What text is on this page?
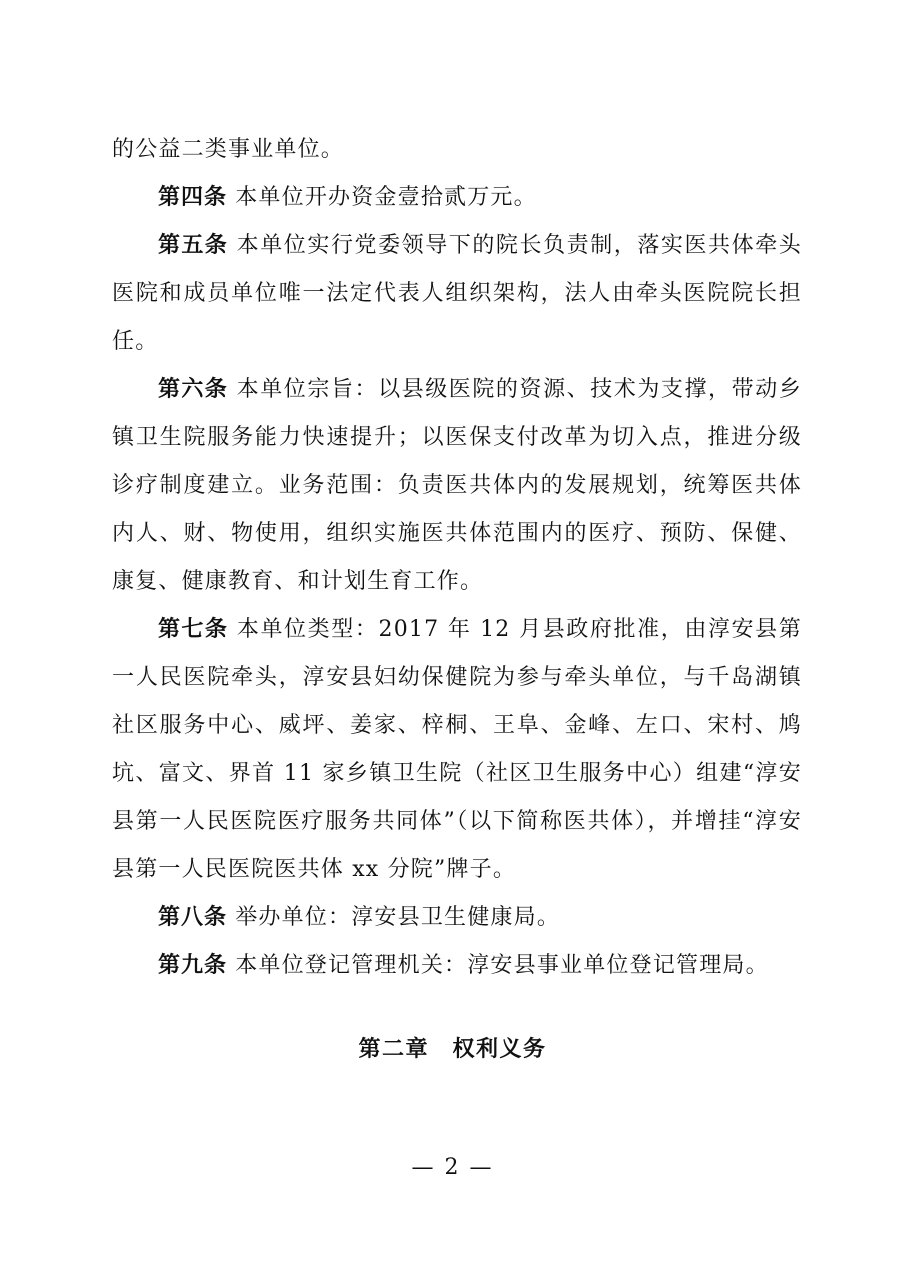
的公益二类事业单位。

第四条 本单位开办资金壹拾贰万元。

第五条 本单位实行党委领导下的院长负责制，落实医共体牵头医院和成员单位唯一法定代表人组织架构，法人由牵头医院院长担任。

第六条 本单位宗旨：以县级医院的资源、技术为支撑，带动乡镇卫生院服务能力快速提升；以医保支付改革为切入点，推进分级诊疗制度建立。业务范围：负责医共体内的发展规划，统筹医共体内人、财、物使用，组织实施医共体范围内的医疗、预防、保健、康复、健康教育、和计划生育工作。

第七条 本单位类型：2017 年 12 月县政府批准，由淳安县第一人民医院牵头，淳安县妇幼保健院为参与牵头单位，与千岛湖镇社区服务中心、威坪、姜家、梓桐、王阜、金峰、左口、宋村、鸠坑、富文、界首 11 家乡镇卫生院（社区卫生服务中心）组建“淳安县第一人民医院医疗服务共同体”（以下简称医共体），并增挂“淳安县第一人民医院医共体 xx 分院”牌子。

第八条 举办单位：淳安县卫生健康局。

第九条 本单位登记管理机关：淳安县事业单位登记管理局。

第二章　权利义务
— 2 —
